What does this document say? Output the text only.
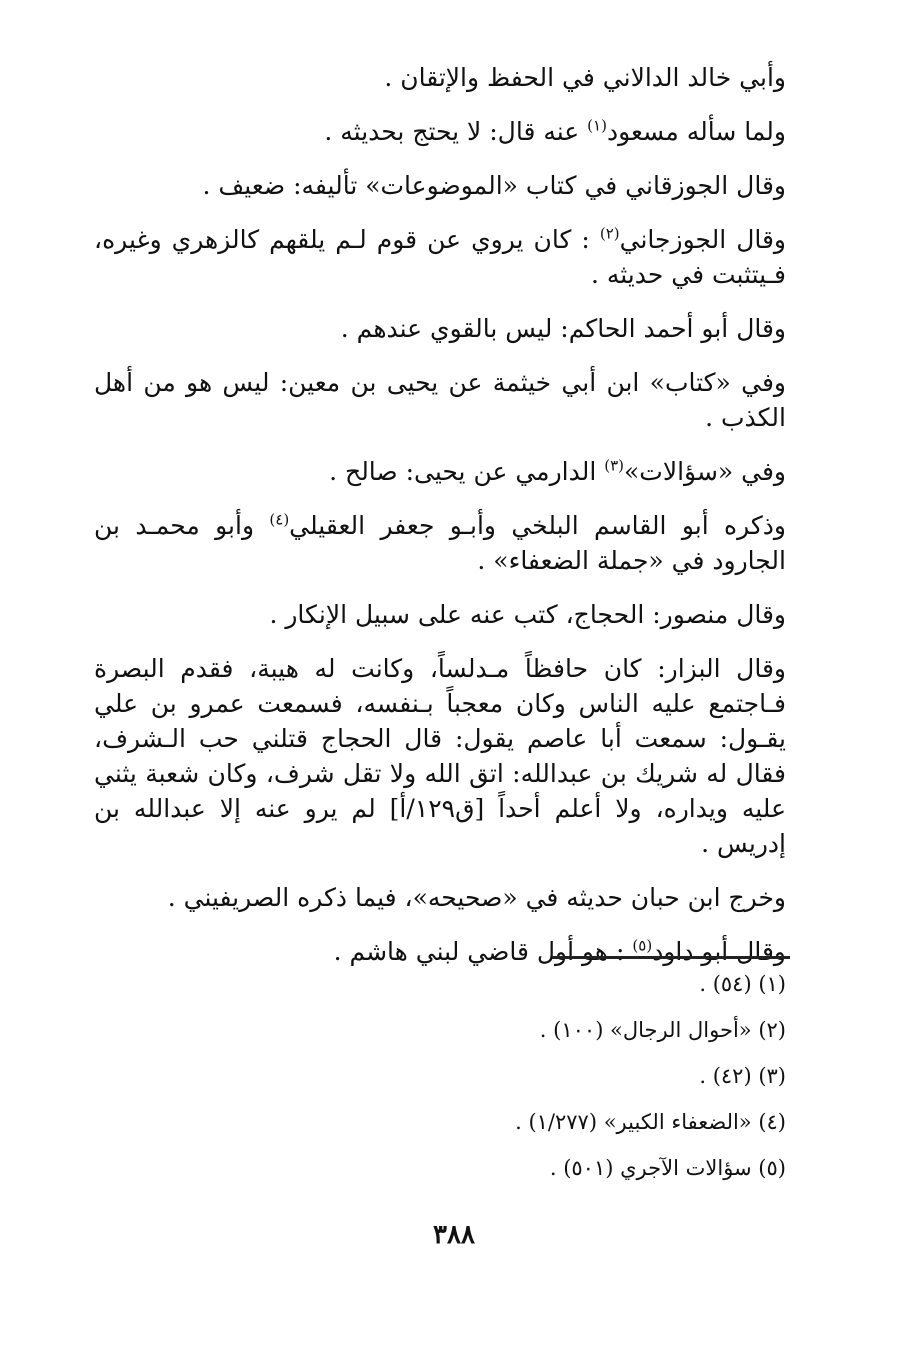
وأبي خالد الدالاني في الحفظ والإتقان .

ولما سأله مسعود$^{(١)}$ عنه قال: لا يحتج بحديثه .

وقال الجوزقاني في كتاب «الموضوعات» تأليفه: ضعيف .

وقال الجوزجاني$^{(٢)}$ : كان يروي عن قوم لـم يلقهم كالزهري وغيره، فـيتثبت في حديثه .

وقال أبو أحمد الحاكم: ليس بالقوي عندهم .

وفي «كتاب» ابن أبي خيثمة عن يحيى بن معين: ليس هو من أهل الكذب .

وفي «سؤالات»$^{(٣)}$ الدارمي عن يحيى: صالح .

وذكره أبو القاسم البلخي وأبـو جعفر العقيلي$^{(٤)}$ وأبو محمـد بن الجارود في «جملة الضعفاء» .

وقال منصور: الحجاج، كتب عنه على سبيل الإنكار .

وقال البزار: كان حافظاً مـدلساً، وكانت له هيبة، فقدم البصرة فـاجتمع عليه الناس وكان معجباً بـنفسه، فسمعت عمرو بن علي يقـول: سمعت أبا عاصم يقول: قال الحجاج قتلني حب الـشرف، فقال له شريك بن عبدالله: اتق الله ولا تقل شرف، وكان شعبة يثني عليه ويداره، ولا أعلم أحداً [ق١٢٩/أ] لم يرو عنه إلا عبدالله بن إدريس .

وخرج ابن حبان حديثه في «صحيحه»، فيما ذكره الصريفيني .

وقال أبو داود$^{(٥)}$ : هو أول قاضي لبني هاشم .

(١) (٥٤) .

(٢) «أحوال الرجال» (١٠٠) .

(٣) (٤٢) .

(٤) «الضعفاء الكبير» (١/٢٧٧) .

(٥) سؤالات الآجري (٥٠١) .

٣٨٨
